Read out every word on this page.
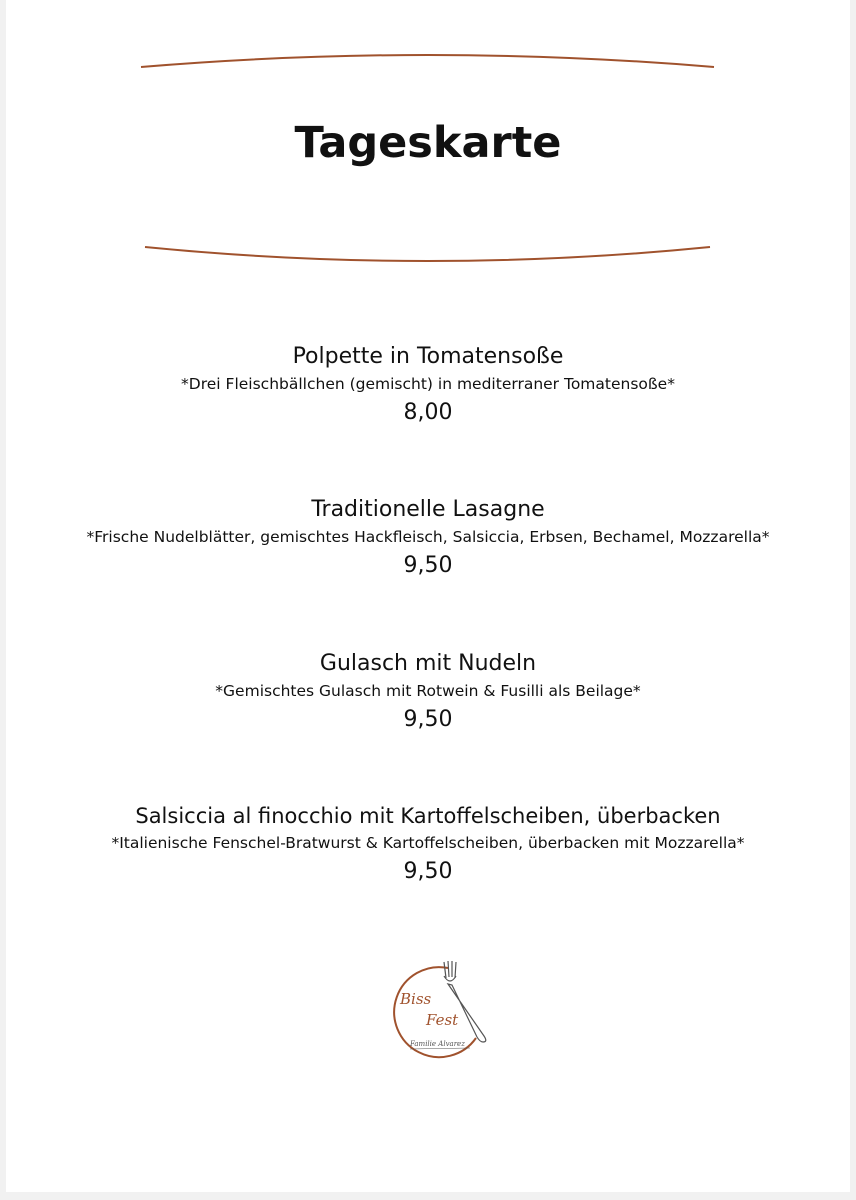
Tageskarte
Polpette in Tomatensoße
*Drei Fleischbällchen (gemischt) in mediterraner Tomatensoße*
8,00
Traditionelle Lasagne
*Frische Nudelblätter, gemischtes Hackfleisch, Salsiccia, Erbsen, Bechamel, Mozzarella*
9,50
Gulasch mit Nudeln
*Gemischtes Gulasch mit Rotwein & Fusilli als Beilage*
9,50
Salsiccia al finocchio mit Kartoffelscheiben, überbacken
*Italienische Fenschel-Bratwurst & Kartoffelscheiben, überbacken mit Mozzarella*
9,50
Biss
Fest
Familie Alvarez
